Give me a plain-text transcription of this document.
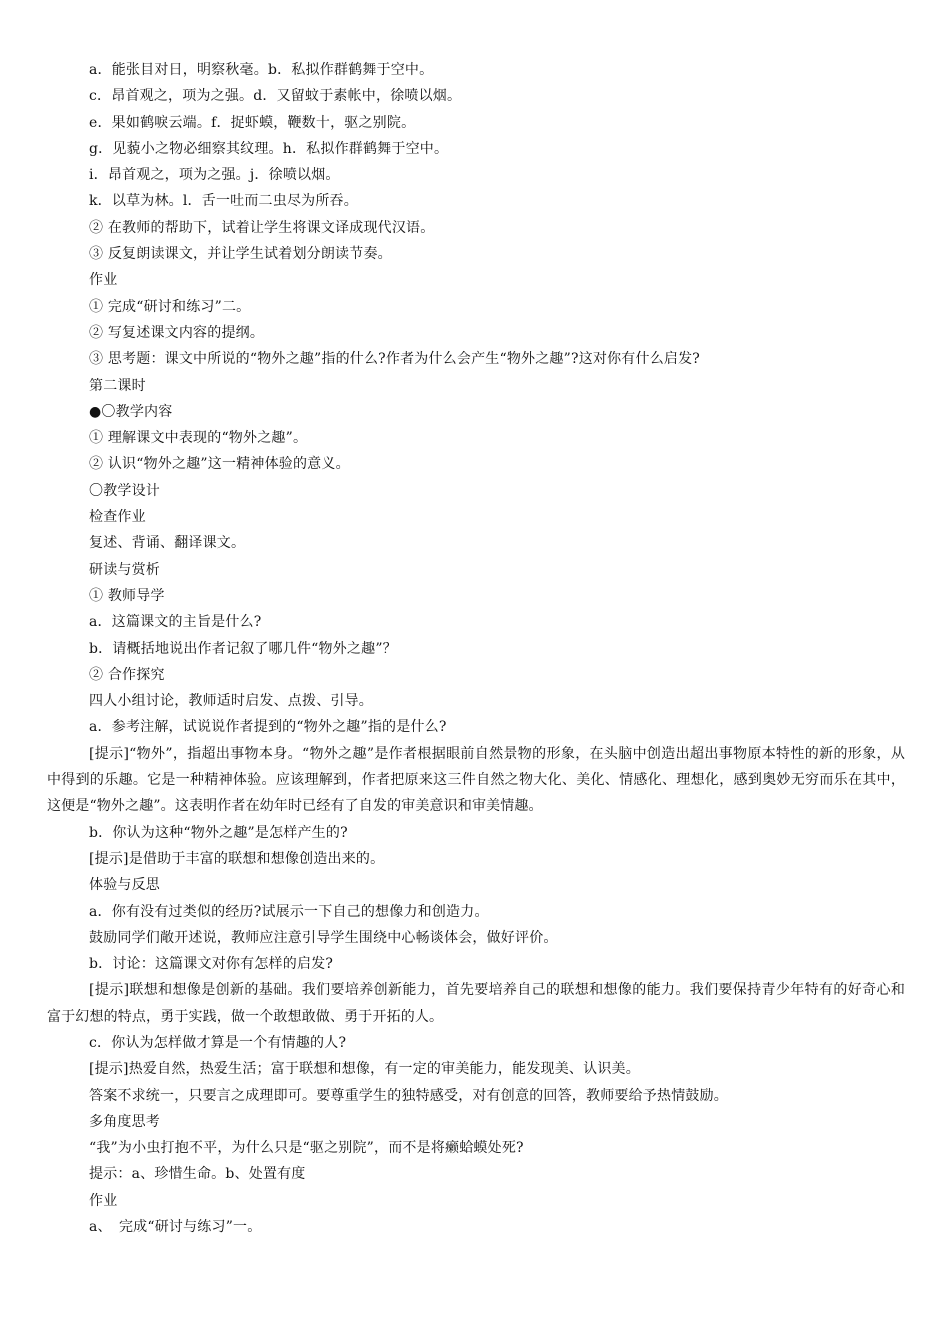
a．能张目对日，明察秋毫。b．私拟作群鹤舞于空中。
c．昂首观之，项为之强。d．又留蚊于素帐中，徐喷以烟。
e．果如鹤唳云端。f．捉虾蟆，鞭数十，驱之别院。
g．见藐小之物必细察其纹理。h．私拟作群鹤舞于空中。
i．昂首观之，项为之强。j．徐喷以烟。
k．以草为林。l．舌一吐而二虫尽为所吞。
② 在教师的帮助下，试着让学生将课文译成现代汉语。
③ 反复朗读课文，并让学生试着划分朗读节奏。
作业
① 完成“研讨和练习”二。
② 写复述课文内容的提纲。
③ 思考题：课文中所说的“物外之趣”指的什么?作者为什么会产生“物外之趣”?这对你有什么启发?
第二课时
●〇教学内容
① 理解课文中表现的“物外之趣”。
② 认识“物外之趣”这一精神体验的意义。
〇教学设计
检查作业
复述、背诵、翻译课文。
研读与赏析
① 教师导学
a．这篇课文的主旨是什么?
b．请概括地说出作者记叙了哪几件“物外之趣”？
② 合作探究
四人小组讨论，教师适时启发、点拨、引导。
a．参考注解，试说说作者提到的“物外之趣”指的是什么?
[提示]“物外”，指超出事物本身。“物外之趣”是作者根据眼前自然景物的形象，在头脑中创造出超出事物原本特性的新的形象，从中得到的乐趣。它是一种精神体验。应该理解到，作者把原来这三件自然之物大化、美化、情感化、理想化，感到奥妙无穷而乐在其中，这便是“物外之趣”。这表明作者在幼年时已经有了自发的审美意识和审美情趣。
b．你认为这种“物外之趣”是怎样产生的?
[提示]是借助于丰富的联想和想像创造出来的。
体验与反思
a．你有没有过类似的经历?试展示一下自己的想像力和创造力。
鼓励同学们敞开述说，教师应注意引导学生围绕中心畅谈体会，做好评价。
b．讨论：这篇课文对你有怎样的启发?
[提示]联想和想像是创新的基础。我们要培养创新能力，首先要培养自己的联想和想像的能力。我们要保持青少年特有的好奇心和富于幻想的特点，勇于实践，做一个敢想敢做、勇于开拓的人。
c．你认为怎样做才算是一个有情趣的人?
[提示]热爱自然，热爱生活；富于联想和想像，有一定的审美能力，能发现美、认识美。
答案不求统一，只要言之成理即可。要尊重学生的独特感受，对有创意的回答，教师要给予热情鼓励。
多角度思考
“我”为小虫打抱不平，为什么只是“驱之别院”，而不是将癞蛤蟆处死?
提示：a、珍惜生命。b、处置有度
作业
a、　完成“研讨与练习”一。
